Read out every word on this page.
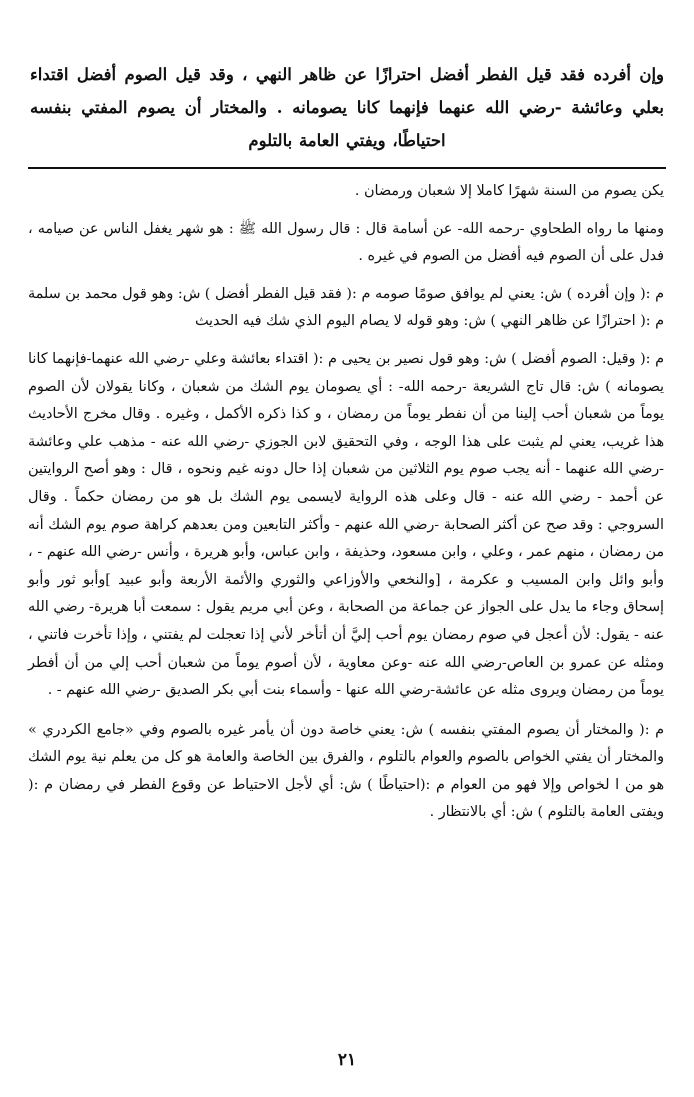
وإن أفرده فقد قيل الفطر أفضل احترازًا عن ظاهر النهي ، وقد قيل الصوم أفضل اقتداء بعلي وعائشة -رضي الله عنهما فإنهما كانا يصومانه . والمختار أن يصوم المفتي بنفسه احتياطًا، ويفتي العامة بالتلوم

يكن يصوم من السنة شهرًا كاملا إلا شعبان ورمضان .

ومنها ما رواه الطحاوي -رحمه الله- عن أسامة قال : قال رسول الله ﷺ : هو شهر يغفل الناس عن صيامه ، فدل على أن الصوم فيه أفضل من الصوم في غيره .

م :( وإن أفرده ) ش: يعني لم يوافق صومًا صومه م :( فقد قيل الفطر أفضل ) ش: وهو قول محمد بن سلمة م :( احترازًا عن ظاهر النهي ) ش: وهو قوله لا يصام اليوم الذي شك فيه الحديث

م :( وقيل: الصوم أفضل ) ش: وهو قول نصير بن يحيى م :( اقتداء بعائشة وعلي -رضي الله عنهما-فإنهما كانا يصومانه ) ش: قال تاج الشريعة -رحمه الله- : أي يصومان يوم الشك من شعبان ، وكانا يقولان لأن الصوم يوماً من شعبان أحب إلينا من أن نفطر يوماً من رمضان ، و كذا ذكره الأكمل ، وغيره . وقال مخرج الأحاديث هذا غريب، يعني لم يثبت على هذا الوجه ، وفي التحقيق لابن الجوزي -رضي الله عنه - مذهب علي وعائشة -رضي الله عنهما - أنه يجب صوم يوم الثلاثين من شعبان إذا حال دونه غيم ونحوه ، قال : وهو أصح الروايتين عن أحمد - رضي الله عنه - قال وعلى هذه الرواية لايسمى يوم الشك بل هو من رمضان حكماً . وقال السروجي : وقد صح عن أكثر الصحابة -رضي الله عنهم - وأكثر التابعين ومن بعدهم كراهة صوم يوم الشك أنه من رمضان ، منهم عمر ، وعلي ، وابن مسعود، وحذيفة ، وابن عباس، وأبو هريرة ، وأنس -رضي الله عنهم - ، وأبو وائل وابن المسيب و عكرمة ، [والنخعي والأوزاعي والثوري والأئمة الأربعة وأبو عبيد ]وأبو ثور وأبو إسحاق وجاء ما يدل على الجواز عن جماعة من الصحابة ، وعن أبي مريم يقول : سمعت أبا هريرة- رضي الله عنه - يقول: لأن أعجل في صوم رمضان يوم أحب إليَّ أن أتأخر لأني إذا تعجلت لم يفتني ، وإذا تأخرت فاتني ، ومثله عن عمرو بن العاص-رضي الله عنه -وعن معاوية ، لأن أصوم يوماً من شعبان أحب إلي من أن أفطر يوماً من رمضان ويروى مثله عن عائشة-رضي الله عنها - وأسماء بنت أبي بكر الصديق -رضي الله عنهم - .

م :( والمختار أن يصوم المفتي بنفسه ) ش: يعني خاصة دون أن يأمر غيره بالصوم وفي «جامع الكردري » والمختار أن يفتي الخواص بالصوم والعوام بالتلوم ، والفرق بين الخاصة والعامة هو كل من يعلم نية يوم الشك هو من ا لخواص وإلا فهو من العوام م :(احتياطًا ) ش: أي لأجل الاحتياط عن وقوع الفطر في رمضان م :( ويفتى العامة بالتلوم ) ش: أي بالانتظار .

٢١
